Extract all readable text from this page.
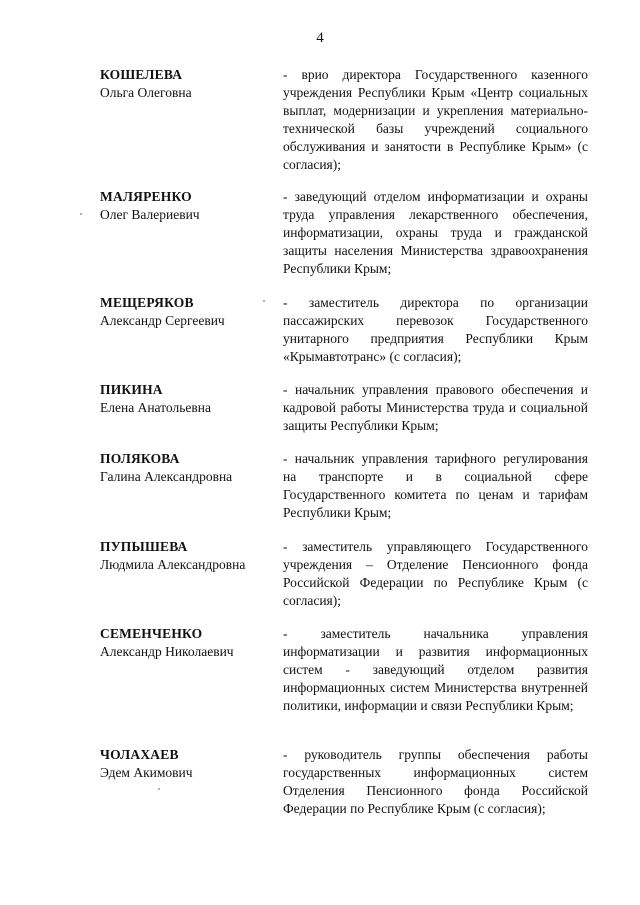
4
КОШЕЛЕВА
Ольга Олеговна
- врио директора Государственного казенного учреждения Республики Крым «Центр социальных выплат, модернизации и укрепления материально-технической базы учреждений социального обслуживания и занятости в Республике Крым» (с согласия);
МАЛЯРЕНКО
Олег Валериевич
- заведующий отделом информатизации и охраны труда управления лекарственного обеспечения, информатизации, охраны труда и гражданской защиты населения Министерства здравоохранения Республики Крым;
МЕЩЕРЯКОВ
Александр Сергеевич
- заместитель директора по организации пассажирских перевозок Государственного унитарного предприятия Республики Крым «Крымавтотранс» (с согласия);
ПИКИНА
Елена Анатольевна
- начальник управления правового обеспечения и кадровой работы Министерства труда и социальной защиты Республики Крым;
ПОЛЯКОВА
Галина Александровна
- начальник управления тарифного регулирования на транспорте и в социальной сфере Государственного комитета по ценам и тарифам Республики Крым;
ПУПЫШЕВА
Людмила Александровна
- заместитель управляющего Государственного учреждения – Отделение Пенсионного фонда Российской Федерации по Республике Крым (с согласия);
СЕМЕНЧЕНКО
Александр Николаевич
- заместитель начальника управления информатизации и развития информационных систем - заведующий отделом развития информационных систем Министерства внутренней политики, информации и связи Республики Крым;
ЧОЛАХАЕВ
Эдем Акимович
- руководитель группы обеспечения работы государственных информационных систем Отделения Пенсионного фонда Российской Федерации по Республике Крым (с согласия);
